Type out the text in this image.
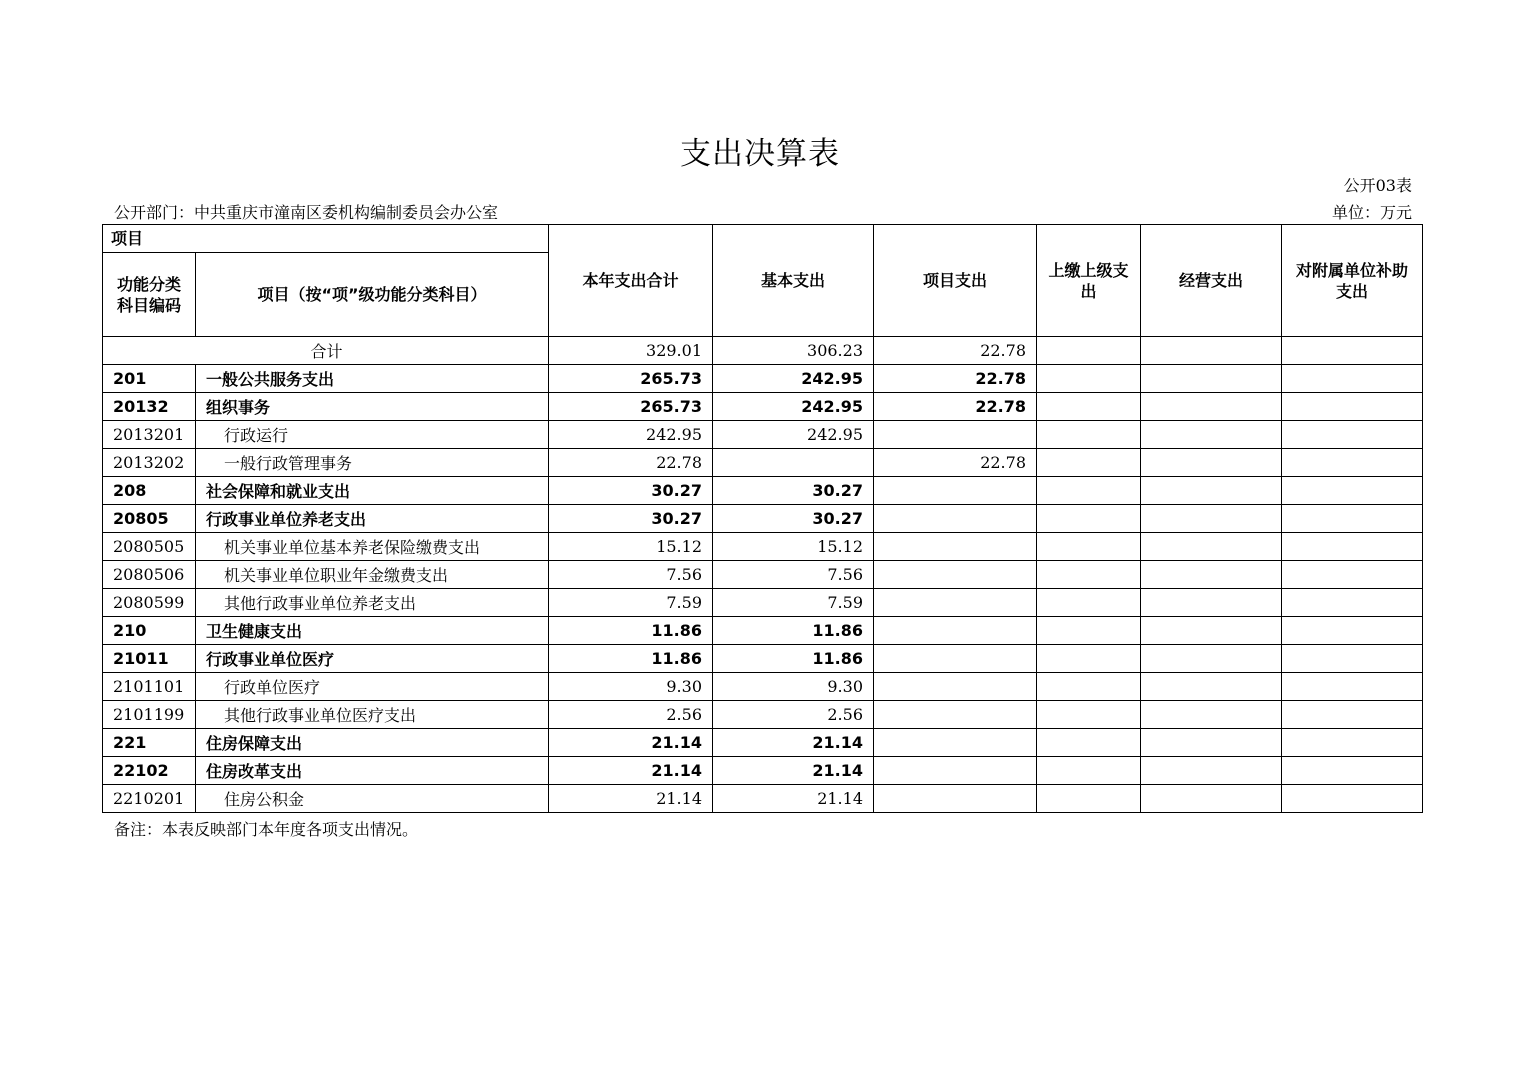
支出决算表
公开03表
公开部门：中共重庆市潼南区委机构编制委员会办公室	单位：万元
项目		本年支出合计	基本支出	项目支出	上缴上级支出	经营支出	对附属单位补助支出
功能分类科目编码	项目（按“项”级功能分类科目）						
合计		329.01	306.23	22.78			
201	一般公共服务支出	265.73	242.95	22.78			
20132	组织事务	265.73	242.95	22.78			
2013201	行政运行	242.95	242.95				
2013202	一般行政管理事务	22.78		22.78			
208	社会保障和就业支出	30.27	30.27				
20805	行政事业单位养老支出	30.27	30.27				
2080505	机关事业单位基本养老保险缴费支出	15.12	15.12				
2080506	机关事业单位职业年金缴费支出	7.56	7.56				
2080599	其他行政事业单位养老支出	7.59	7.59				
210	卫生健康支出	11.86	11.86				
21011	行政事业单位医疗	11.86	11.86				
2101101	行政单位医疗	9.30	9.30				
2101199	其他行政事业单位医疗支出	2.56	2.56				
221	住房保障支出	21.14	21.14				
22102	住房改革支出	21.14	21.14				
2210201	住房公积金	21.14	21.14				
备注：本表反映部门本年度各项支出情况。
